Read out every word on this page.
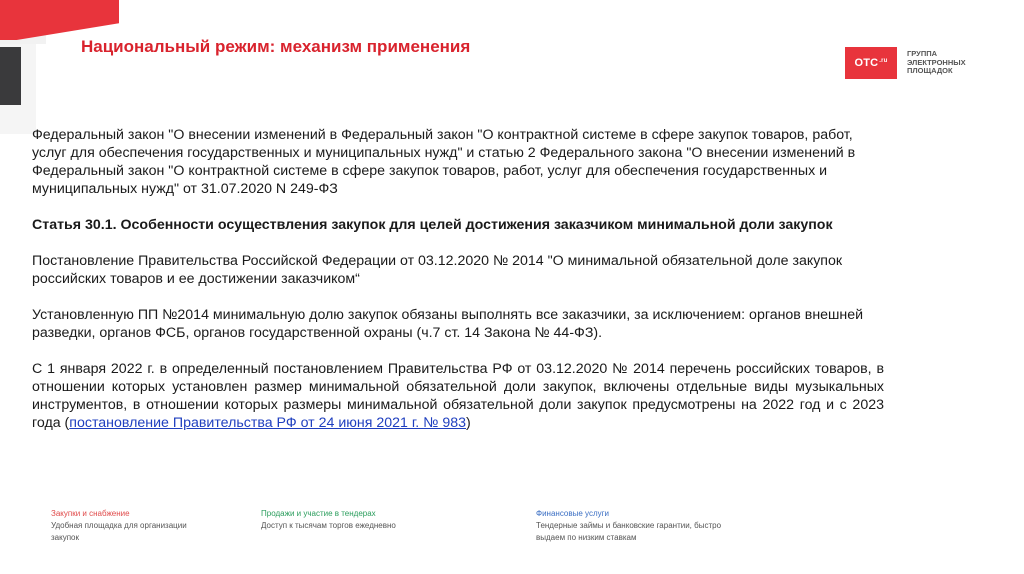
Национальный режим: механизм применения
OTC .ru
ГРУППА ЭЛЕКТРОННЫХ ПЛОЩАДОК

Федеральный закон "О внесении изменений в Федеральный закон "О контрактной системе в сфере закупок товаров, работ, услуг для обеспечения государственных и муниципальных нужд" и статью 2 Федерального закона "О внесении изменений в Федеральный закон "О контрактной системе в сфере закупок товаров, работ, услуг для обеспечения государственных и муниципальных нужд" от 31.07.2020 N 249-ФЗ

Статья 30.1. Особенности осуществления закупок для целей достижения заказчиком минимальной доли закупок

Постановление Правительства Российской Федерации от 03.12.2020 № 2014 "О минимальной обязательной доле закупок российских товаров и ее достижении заказчиком“

Установленную ПП №2014 минимальную долю закупок обязаны выполнять все заказчики, за исключением: органов внешней разведки, органов ФСБ, органов государственной охраны (ч.7 ст. 14 Закона № 44-ФЗ).

С 1 января 2022 г. в определенный постановлением Правительства РФ от 03.12.2020 № 2014 перечень российских товаров, в отношении которых установлен размер минимальной обязательной доли закупок, включены отдельные виды музыкальных инструментов, в отношении которых размеры минимальной обязательной доли закупок предусмотрены на 2022 год и с 2023 года (постановление Правительства РФ от 24 июня 2021 г. № 983)

Закупки и снабжение
Удобная площадка для организации закупок
Продажи и участие в тендерах
Доступ к тысячам торгов ежедневно
Финансовые услуги
Тендерные займы и банковские гарантии, быстро выдаем по низким ставкам
